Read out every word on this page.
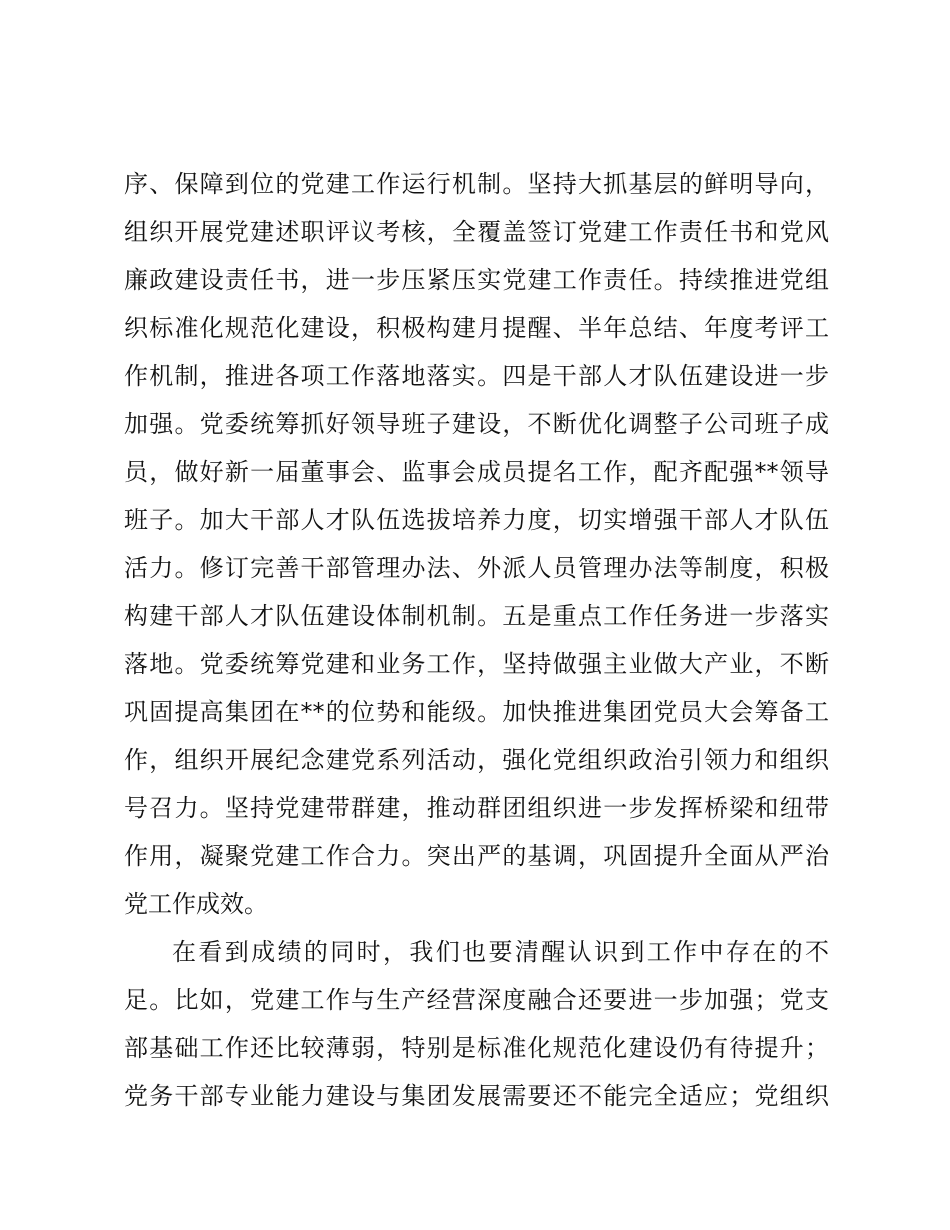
序、保障到位的党建工作运行机制。坚持大抓基层的鲜明导向，
组织开展党建述职评议考核，全覆盖签订党建工作责任书和党风
廉政建设责任书，进一步压紧压实党建工作责任。持续推进党组
织标准化规范化建设，积极构建月提醒、半年总结、年度考评工
作机制，推进各项工作落地落实。四是干部人才队伍建设进一步
加强。党委统筹抓好领导班子建设，不断优化调整子公司班子成
员，做好新一届董事会、监事会成员提名工作，配齐配强**领导
班子。加大干部人才队伍选拔培养力度，切实增强干部人才队伍
活力。修订完善干部管理办法、外派人员管理办法等制度，积极
构建干部人才队伍建设体制机制。五是重点工作任务进一步落实
落地。党委统筹党建和业务工作，坚持做强主业做大产业，不断
巩固提高集团在**的位势和能级。加快推进集团党员大会筹备工
作，组织开展纪念建党系列活动，强化党组织政治引领力和组织
号召力。坚持党建带群建，推动群团组织进一步发挥桥梁和纽带
作用，凝聚党建工作合力。突出严的基调，巩固提升全面从严治
党工作成效。
在看到成绩的同时，我们也要清醒认识到工作中存在的不
足。比如，党建工作与生产经营深度融合还要进一步加强；党支
部基础工作还比较薄弱，特别是标准化规范化建设仍有待提升；
党务干部专业能力建设与集团发展需要还不能完全适应；党组织
